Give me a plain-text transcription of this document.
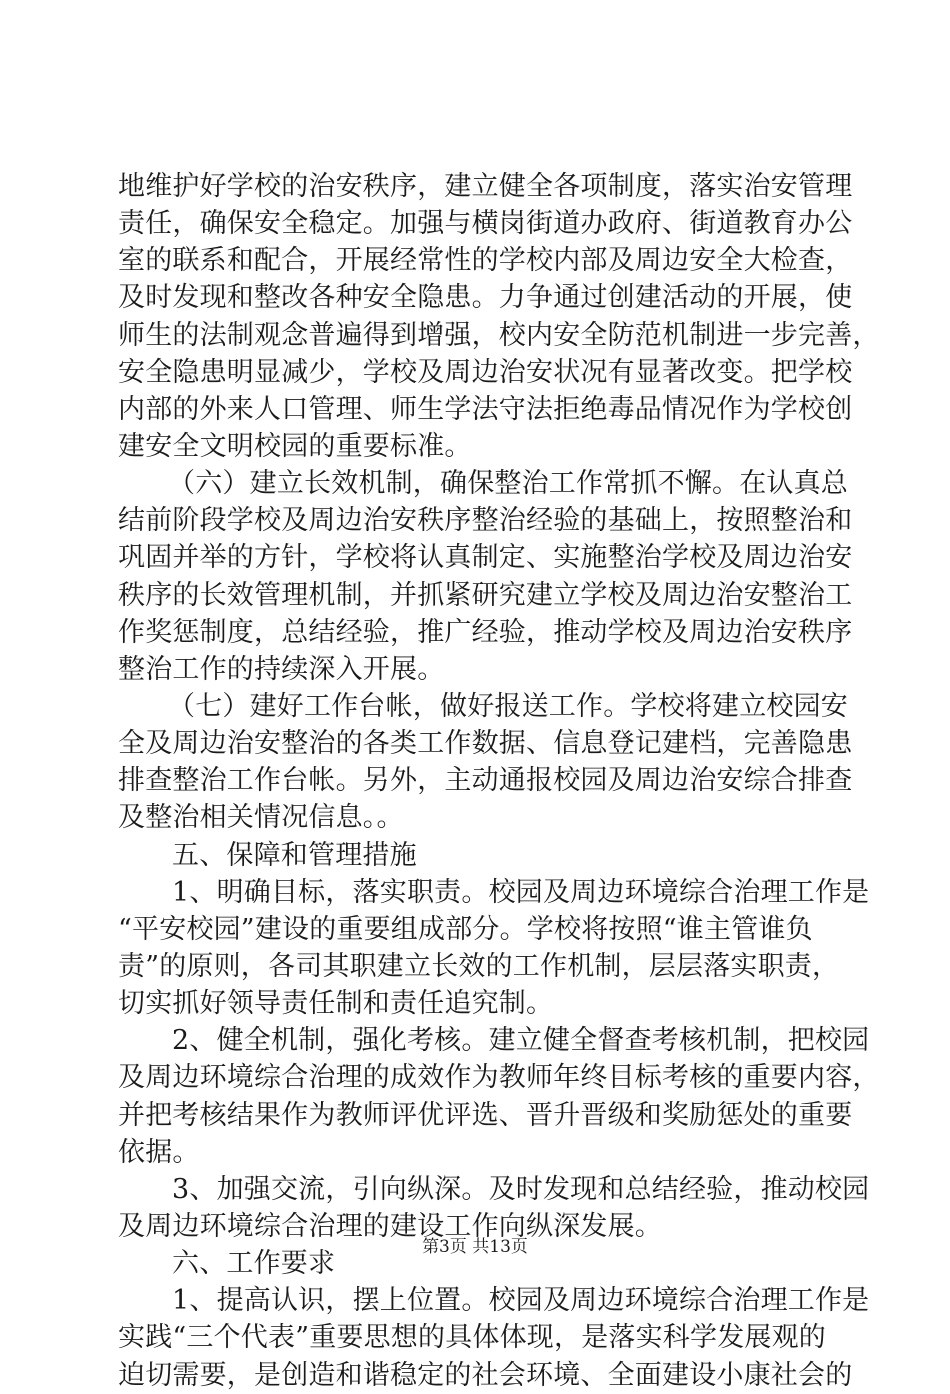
地维护好学校的治安秩序，建立健全各项制度，落实治安管理
责任，确保安全稳定。加强与横岗街道办政府、街道教育办公
室的联系和配合，开展经常性的学校内部及周边安全大检查，
及时发现和整改各种安全隐患。力争通过创建活动的开展，使
师生的法制观念普遍得到增强，校内安全防范机制进一步完善，
安全隐患明显减少，学校及周边治安状况有显著改变。把学校
内部的外来人口管理、师生学法守法拒绝毒品情况作为学校创
建安全文明校园的重要标准。
（六）建立长效机制，确保整治工作常抓不懈。在认真总
结前阶段学校及周边治安秩序整治经验的基础上，按照整治和
巩固并举的方针，学校将认真制定、实施整治学校及周边治安
秩序的长效管理机制，并抓紧研究建立学校及周边治安整治工
作奖惩制度，总结经验，推广经验，推动学校及周边治安秩序
整治工作的持续深入开展。
（七）建好工作台帐，做好报送工作。学校将建立校园安
全及周边治安整治的各类工作数据、信息登记建档，完善隐患
排查整治工作台帐。另外，主动通报校园及周边治安综合排查
及整治相关情况信息。。
五、保障和管理措施
1、明确目标，落实职责。校园及周边环境综合治理工作是
“平安校园”建设的重要组成部分。学校将按照“谁主管谁负
责”的原则，各司其职建立长效的工作机制，层层落实职责，
切实抓好领导责任制和责任追究制。
2、健全机制，强化考核。建立健全督查考核机制，把校园
及周边环境综合治理的成效作为教师年终目标考核的重要内容，
并把考核结果作为教师评优评选、晋升晋级和奖励惩处的重要
依据。
3、加强交流，引向纵深。及时发现和总结经验，推动校园
及周边环境综合治理的建设工作向纵深发展。
六、工作要求
1、提高认识，摆上位置。校园及周边环境综合治理工作是
实践“三个代表”重要思想的具体体现，是落实科学发展观的
迫切需要，是创造和谐稳定的社会环境、全面建设小康社会的
第3页 共13页
